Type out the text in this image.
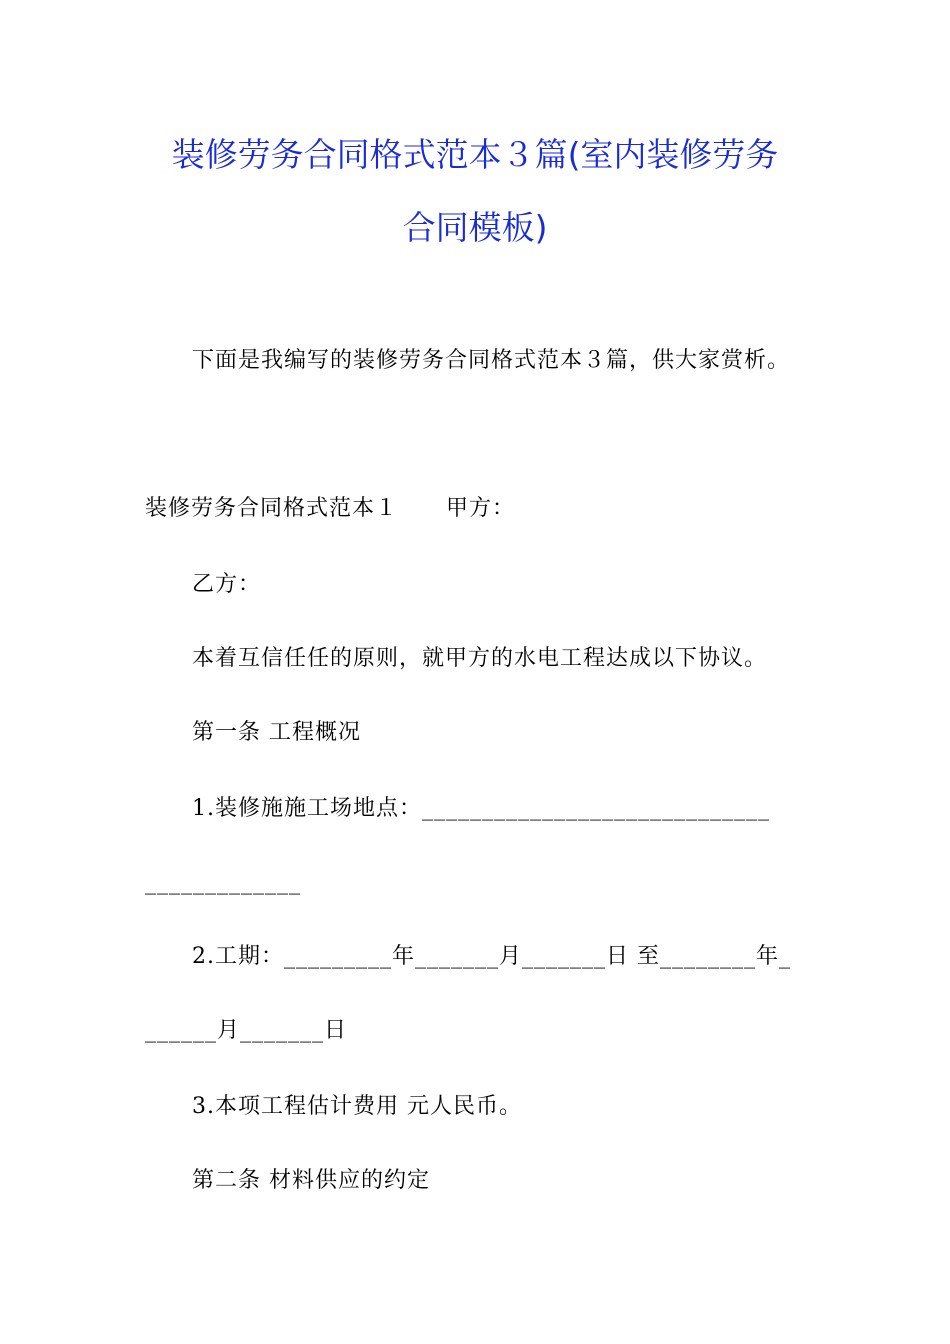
装修劳务合同格式范本３篇(室内装修劳务
合同模板)
下面是我编写的装修劳务合同格式范本３篇，供大家赏析。
装修劳务合同格式范本１ 甲方：
乙方：
本着互信任任的原则，就甲方的水电工程达成以下协议。
第一条 工程概况
1.装修施施工场地点：_____________________________
_____________
2.工期：_________年_______月_______日 至________年_
______月_______日
3.本项工程估计费用 元人民币。
第二条 材料供应的约定
